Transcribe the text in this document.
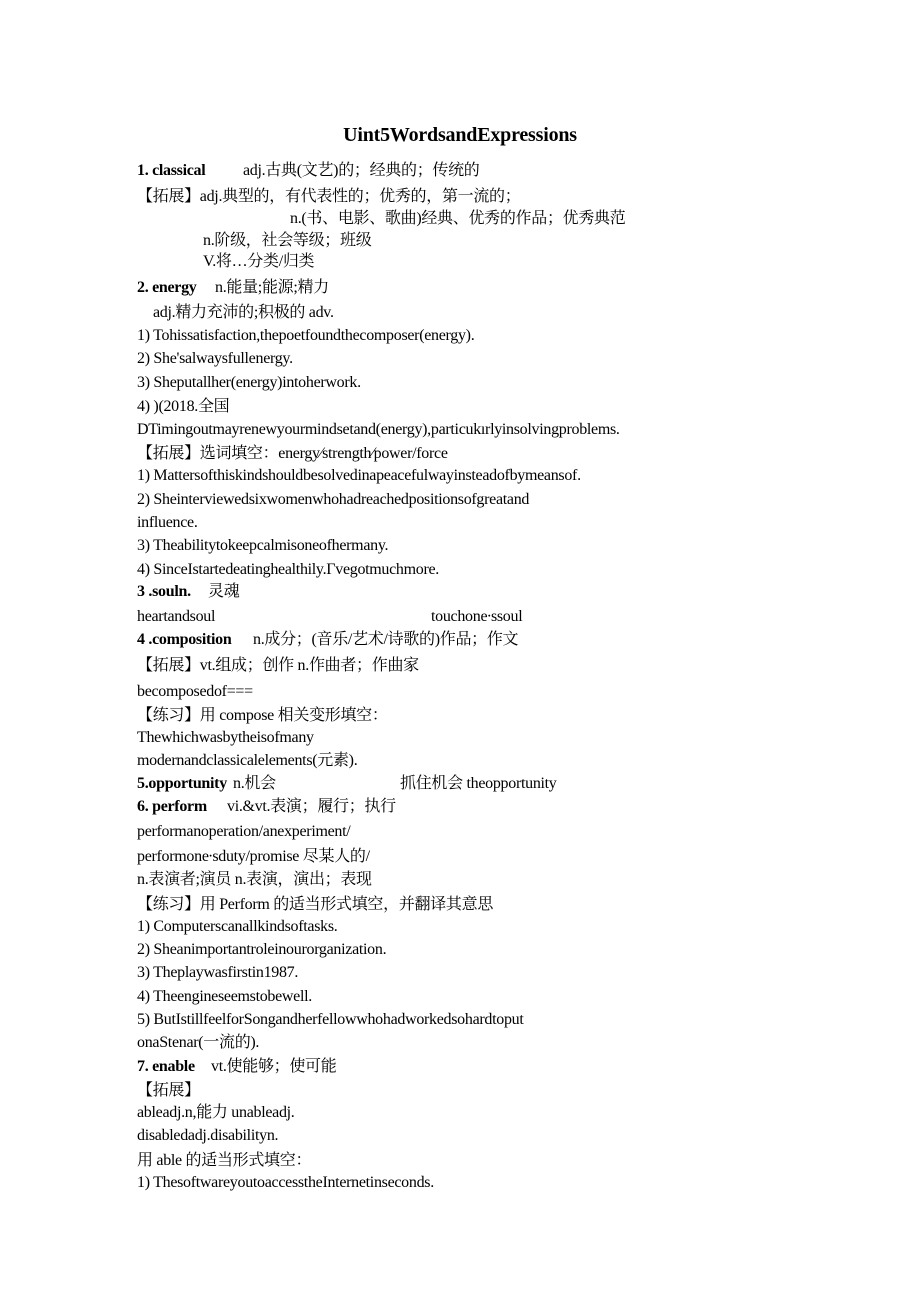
Uint5WordsandExpressions
1. classical adj.古典(文艺)的；经典的；传统的
【拓展】adj.典型的，有代表性的；优秀的，第一流的；
n.(书、电影、歌曲)经典、优秀的作品；优秀典范
n.阶级，社会等级；班级
V.将…分类/归类
2. energy n.能量;能源;精力
adj.精力充沛的;积极的 adv.
1) Tohissatisfaction,thepoetfoundthecomposer(energy).
2) She'salwaysfullenergy.
3) Sheputallher(energy)intoherwork.
4) )(2018.全国
DTimingoutmayrenewyourmindsetand(energy),particukırlyinsolvingproblems.
【拓展】选词填空：energy∕strength∕power/force
1) Mattersofthiskindshouldbesolvedinapeacefulwayinsteadofbymeansof.
2) Sheinterviewedsixwomenwhohadreachedpositionsofgreatand
influence.
3) Theabilitytokeepcalmisoneofhermany.
4) SinceIstartedeatinghealthily.Γvegotmuchmore.
3 .souln. 灵魂
heartandsoul	touchone∙ssoul
4 .composition n.成分；(音乐/艺术/诗歌的)作品；作文
【拓展】vt.组成；创作 n.作曲者；作曲家
becomposedof===
【练习】用 compose 相关变形填空：
Thewhichwasbytheisofmany
modernandclassicalelements(元素).
5.opportunity n.机会	抓住机会 theopportunity
6. perform vi.&vt.表演；履行；执行
performanoperation/anexperiment/
performone∙sduty/promise 尽某人的/
n.表演者;演员 n.表演，演出；表现
【练习】用 Perform 的适当形式填空，并翻译其意思
1) Computerscanallkindsoftasks.
2) Sheanimportantroleinourorganization.
3) Theplaywasfirstin1987.
4) Theengineseemstobewell.
5) ButIstillfeelforSongandherfellowwhohadworkedsohardtoput
onaStenar(一流的).
7. enable vt.使能够；使可能
【拓展】
ableadj.n,能力 unableadj.
disabledadj.disabilityn.
用 able 的适当形式填空：
1) ThesoftwareyoutoaccesstheInternetinseconds.
